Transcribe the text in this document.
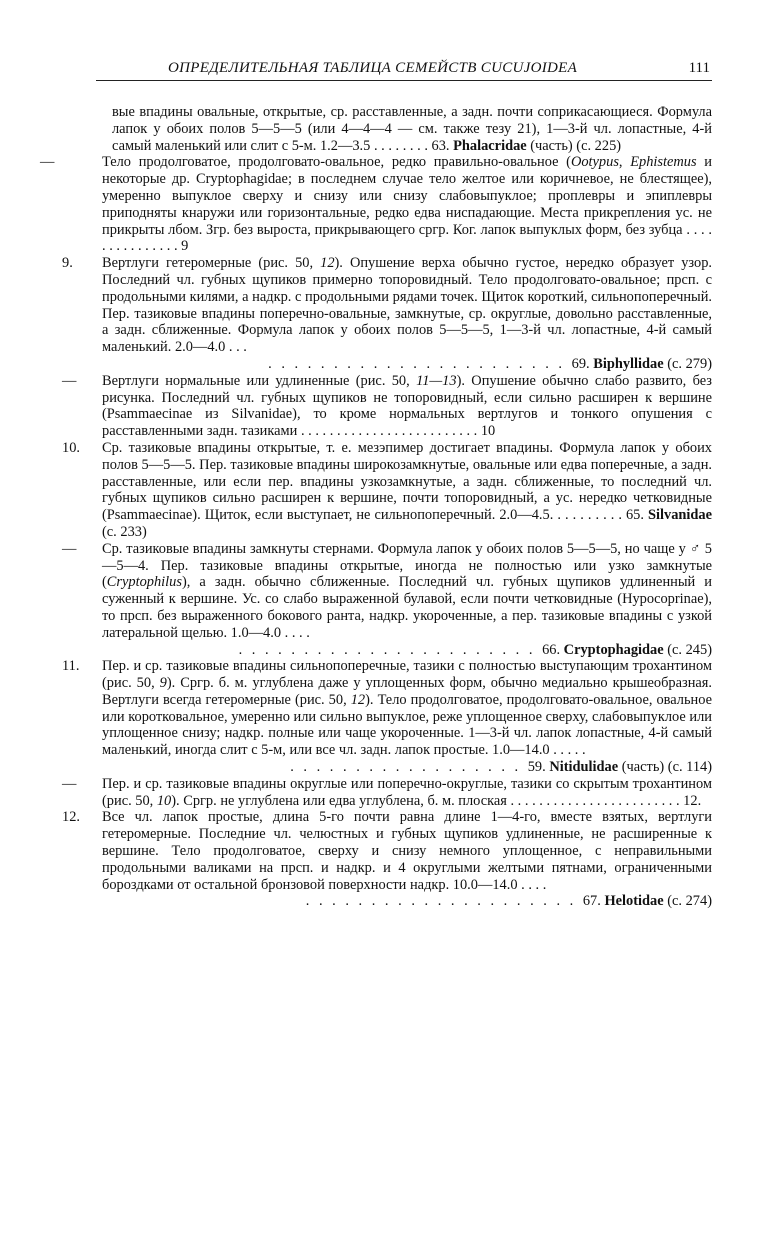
ОПРЕДЕЛИТЕЛЬНАЯ ТАБЛИЦА СЕМЕЙСТВ CUCUJOIDEA	111
вые впадины овальные, открытые, ср. расставленные, а задн. почти соприкасающиеся. Формула лапок у обоих полов 5—5—5 (или 4—4—4 — см. также тезу 21), 1—3-й чл. лопастные, 4-й самый маленький или слит с 5-м. 1.2—3.5 . . . . . . . . 63. Phalacridae (часть) (с. 225)
—	Тело продолговатое, продолговато-овальное, редко правильно-овальное (Ootypus, Ephistemus и некоторые др. Cryptophagidae; в последнем случае тело желтое или коричневое, не блестящее), умеренно выпуклое сверху и снизу или снизу слабовыпуклое; проплевры и эпиплевры приподняты кнаружи или горизонтальные, редко едва ниспадающие. Места прикрепления ус. не прикрыты лбом. Згр. без выроста, прикрывающего сргр. Ког. лапок выпуклых форм, без зубца . . . . . . . . . . . . . . . 9
9.	Вертлуги гетеромерные (рис. 50, 12). Опушение верха обычно густое, нередко образует узор. Последний чл. губных щупиков примерно топоровидный. Тело продолговато-овальное; прсп. с продольными килями, а надкр. с продольными рядами точек. Щиток короткий, сильнопоперечный. Пер. тазиковые впадины поперечно-овальные, замкнутые, ср. округлые, довольно расставленные, а задн. сближенные. Формула лапок у обоих полов 5—5—5, 1—3-й чл. лопастные, 4-й самый маленький. 2.0—4.0 . . .
. . . . . . . . . . . . . . . . . . . . . . . 69. Biphyllidae (с. 279)
—	Вертлуги нормальные или удлиненные (рис. 50, 11—13). Опушение обычно слабо развито, без рисунка. Последний чл. губных щупиков не топоровидный, если сильно расширен к вершине (Psammaecinae из Silvanidae), то кроме нормальных вертлугов и тонкого опушения с расставленными задн. тазиками . . . . . . . . . . . . . . . . . . . . . . . . . 10
10.	Ср. тазиковые впадины открытые, т. е. мезэпимер достигает впадины. Формула лапок у обоих полов 5—5—5. Пер. тазиковые впадины широкозамкнутые, овальные или едва поперечные, а задн. расставленные, или если пер. впадины узкозамкнутые, а задн. сближенные, то последний чл. губных щупиков сильно расширен к вершине, почти топоровидный, а ус. нередко четковидные (Psammaecinae). Щиток, если выступает, не сильнопоперечный. 2.0—4.5. . . . . . . . . . 65. Silvanidae (с. 233)
—	Ср. тазиковые впадины замкнуты стернами. Формула лапок у обоих полов 5—5—5, но чаще у ♂ 5—5—4. Пер. тазиковые впадины открытые, иногда не полностью или узко замкнутые (Cryptophilus), а задн. обычно сближенные. Последний чл. губных щупиков удлиненный и суженный к вершине. Ус. со слабо выраженной булавой, если почти четковидные (Hypocoprinae), то прсп. без выраженного бокового ранта, надкр. укороченные, а пер. тазиковые впадины с узкой латеральной щелью. 1.0—4.0 . . . .
. . . . . . . . . . . . . . . . . . . . . . . 66. Cryptophagidae (с. 245)
11.	Пер. и ср. тазиковые впадины сильнопоперечные, тазики с полностью выступающим трохантином (рис. 50, 9). Сргр. б. м. углублена даже у уплощенных форм, обычно медиально крышеобразная. Вертлуги всегда гетеромерные (рис. 50, 12). Тело продолговатое, продолговато-овальное, овальное или коротковальное, умеренно или сильно выпуклое, реже уплощенное сверху, слабовыпуклое или уплощенное снизу; надкр. полные или чаще укороченные. 1—3-й чл. лапок лопастные, 4-й самый маленький, иногда слит с 5-м, или все чл. задн. лапок простые. 1.0—14.0 . . . . .
. . . . . . . . . . . . . . . . . . 59. Nitidulidae (часть) (с. 114)
—	Пер. и ср. тазиковые впадины округлые или поперечно-округлые, тазики со скрытым трохантином (рис. 50, 10). Сргр. не углублена или едва углублена, б. м. плоская . . . . . . . . . . . . . . . . . . . . . . . . 12.
12.	Все чл. лапок простые, длина 5-го почти равна длине 1—4-го, вместе взятых, вертлуги гетеромерные. Последние чл. челюстных и губных щупиков удлиненные, не расширенные к вершине. Тело продолговатое, сверху и снизу немного уплощенное, с неправильными продольными валиками на прсп. и надкр. и 4 округлыми желтыми пятнами, ограниченными бороздками от остальной бронзовой поверхности надкр. 10.0—14.0 . . . .
. . . . . . . . . . . . . . . . . . . . . 67. Helotidae (с. 274)
